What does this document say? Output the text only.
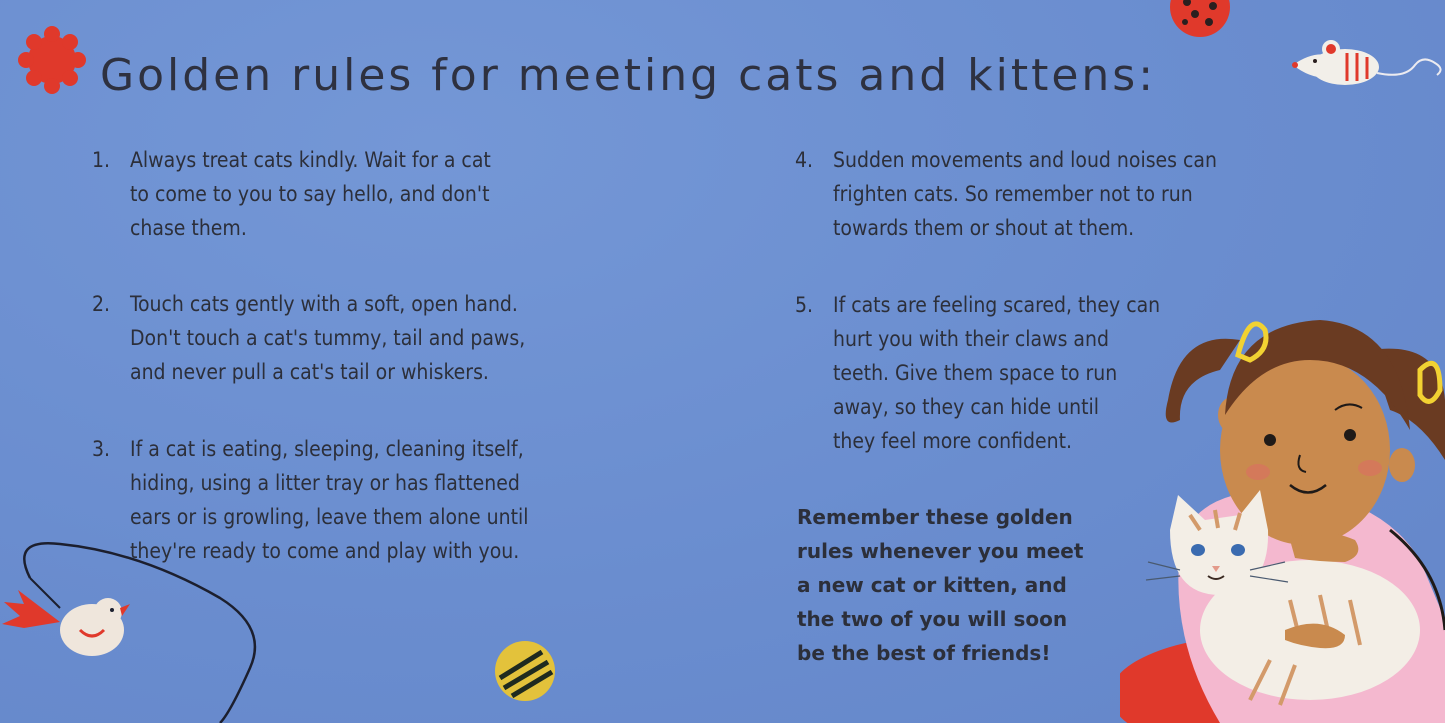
Golden rules for meeting cats and kittens:
1. Always treat cats kindly. Wait for a cat
to come to you to say hello, and don't
chase them.
2. Touch cats gently with a soft, open hand.
Don't touch a cat's tummy, tail and paws,
and never pull a cat's tail or whiskers.
3. If a cat is eating, sleeping, cleaning itself,
hiding, using a litter tray or has flattened
ears or is growling, leave them alone until
they're ready to come and play with you.
4. Sudden movements and loud noises can
frighten cats. So remember not to run
towards them or shout at them.
5. If cats are feeling scared, they can
hurt you with their claws and
teeth. Give them space to run
away, so they can hide until
they feel more confident.
Remember these golden
rules whenever you meet
a new cat or kitten, and
the two of you will soon
be the best of friends!
